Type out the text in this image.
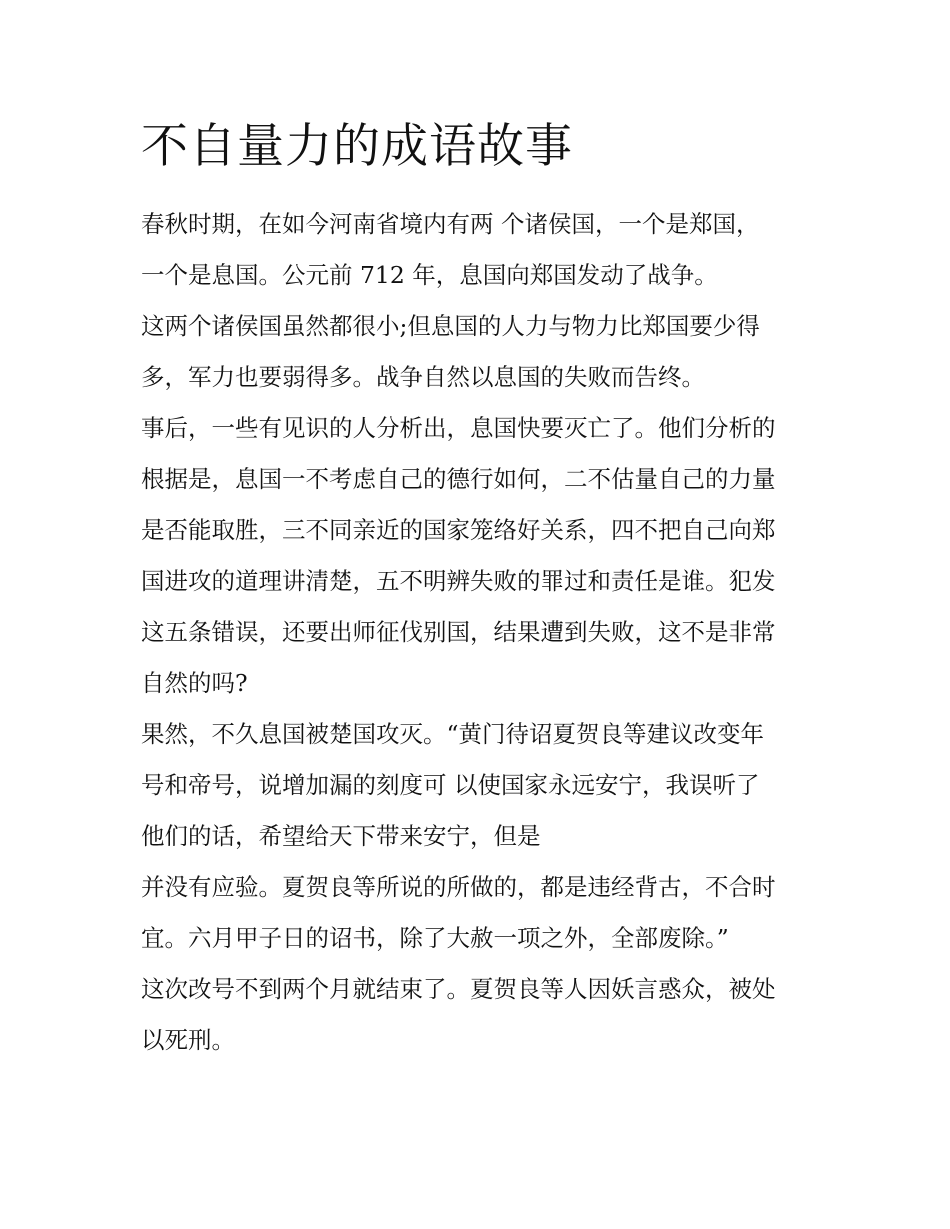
不自量力的成语故事
春秋时期，在如今河南省境内有两 个诸侯国，一个是郑国，
一个是息国。公元前 712 年，息国向郑国发动了战争。
这两个诸侯国虽然都很小;但息国的人力与物力比郑国要少得
多，军力也要弱得多。战争自然以息国的失败而告终。
事后，一些有见识的人分析出，息国快要灭亡了。他们分析的
根据是，息国一不考虑自己的德行如何，二不估量自己的力量
是否能取胜，三不同亲近的国家笼络好关系，四不把自己向郑
国进攻的道理讲清楚，五不明辨失败的罪过和责任是谁。犯发
这五条错误，还要出师征伐别国，结果遭到失败，这不是非常
自然的吗?
果然，不久息国被楚国攻灭。“黄门待诏夏贺良等建议改变年
号和帝号，说增加漏的刻度可 以使国家永远安宁，我误听了
他们的话，希望给天下带来安宁，但是
并没有应验。夏贺良等所说的所做的，都是违经背古，不合时
宜。六月甲子日的诏书，除了大赦一项之外，全部废除。”
这次改号不到两个月就结束了。夏贺良等人因妖言惑众，被处
以死刑。
